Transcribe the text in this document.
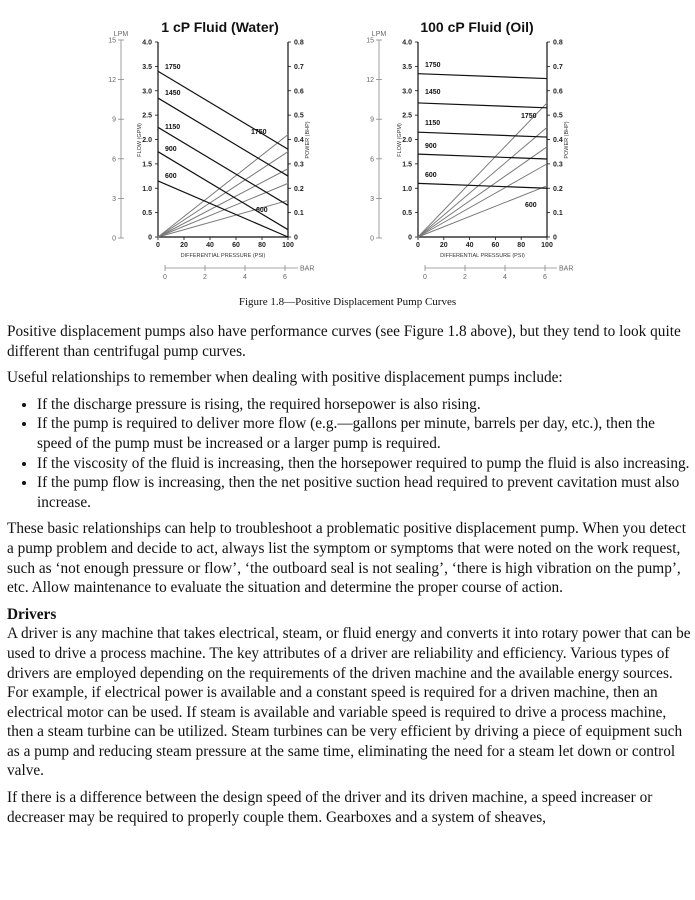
1 cP Fluid (Water)
LPM
0
3
6
9
12
15
0
0.5
1.0
1.5
2.0
2.5
3.0
3.5
4.0
0
0.1
0.2
0.3
0.4
0.5
0.6
0.7
0.8
0	20	40	60	80 100
FLOW (GPM)	POWER (BHP)
DIFFERENTIAL PRESSURE (PSI)
1750
1450
1150
900
600
1750
600
0	2	4	6
BAR
100 cP Fluid (Oil)
LPM
0
3
6
9
12
15
0
0.5
1.0
1.5
2.0
2.5
3.0
3.5
4.0
0
0.1
0.2
0.3
0.4
0.5
0.6
0.7
0.8
0	20	40	60	80 100
FLOW (GPM)	POWER (BHP)
DIFFERENTIAL PRESSURE (PSI)
1750
1450
1150
900
600
1750
600
0	2	4	6
BAR

Figure 1.8—Positive Displacement Pump Curves

Positive displacement pumps also have performance curves (see Figure 1.8 above), but they tend to look quite different than centrifugal pump curves.

Useful relationships to remember when dealing with positive displacement pumps include:

• If the discharge pressure is rising, the required horsepower is also rising.
• If the pump is required to deliver more flow (e.g.—gallons per minute, barrels per day, etc.), then the speed of the pump must be increased or a larger pump is required.
• If the viscosity of the fluid is increasing, then the horsepower required to pump the fluid is also increasing.
• If the pump flow is increasing, then the net positive suction head required to prevent cavitation must also increase.

These basic relationships can help to troubleshoot a problematic positive displacement pump. When you detect a pump problem and decide to act, always list the symptom or symptoms that were noted on the work request, such as ‘not enough pressure or flow’, ‘the outboard seal is not sealing’, ‘there is high vibration on the pump’, etc. Allow maintenance to evaluate the situation and determine the proper course of action.

Drivers

A driver is any machine that takes electrical, steam, or fluid energy and converts it into rotary power that can be used to drive a process machine. The key attributes of a driver are reliability and efficiency. Various types of drivers are employed depending on the requirements of the driven machine and the available energy sources. For example, if electrical power is available and a constant speed is required for a driven machine, then an electrical motor can be used. If steam is available and variable speed is required to drive a process machine, then a steam turbine can be utilized. Steam turbines can be very efficient by driving a piece of equipment such as a pump and reducing steam pressure at the same time, eliminating the need for a steam let down or control valve.

If there is a difference between the design speed of the driver and its driven machine, a speed increaser or decreaser may be required to properly couple them. Gearboxes and a system of sheaves,
